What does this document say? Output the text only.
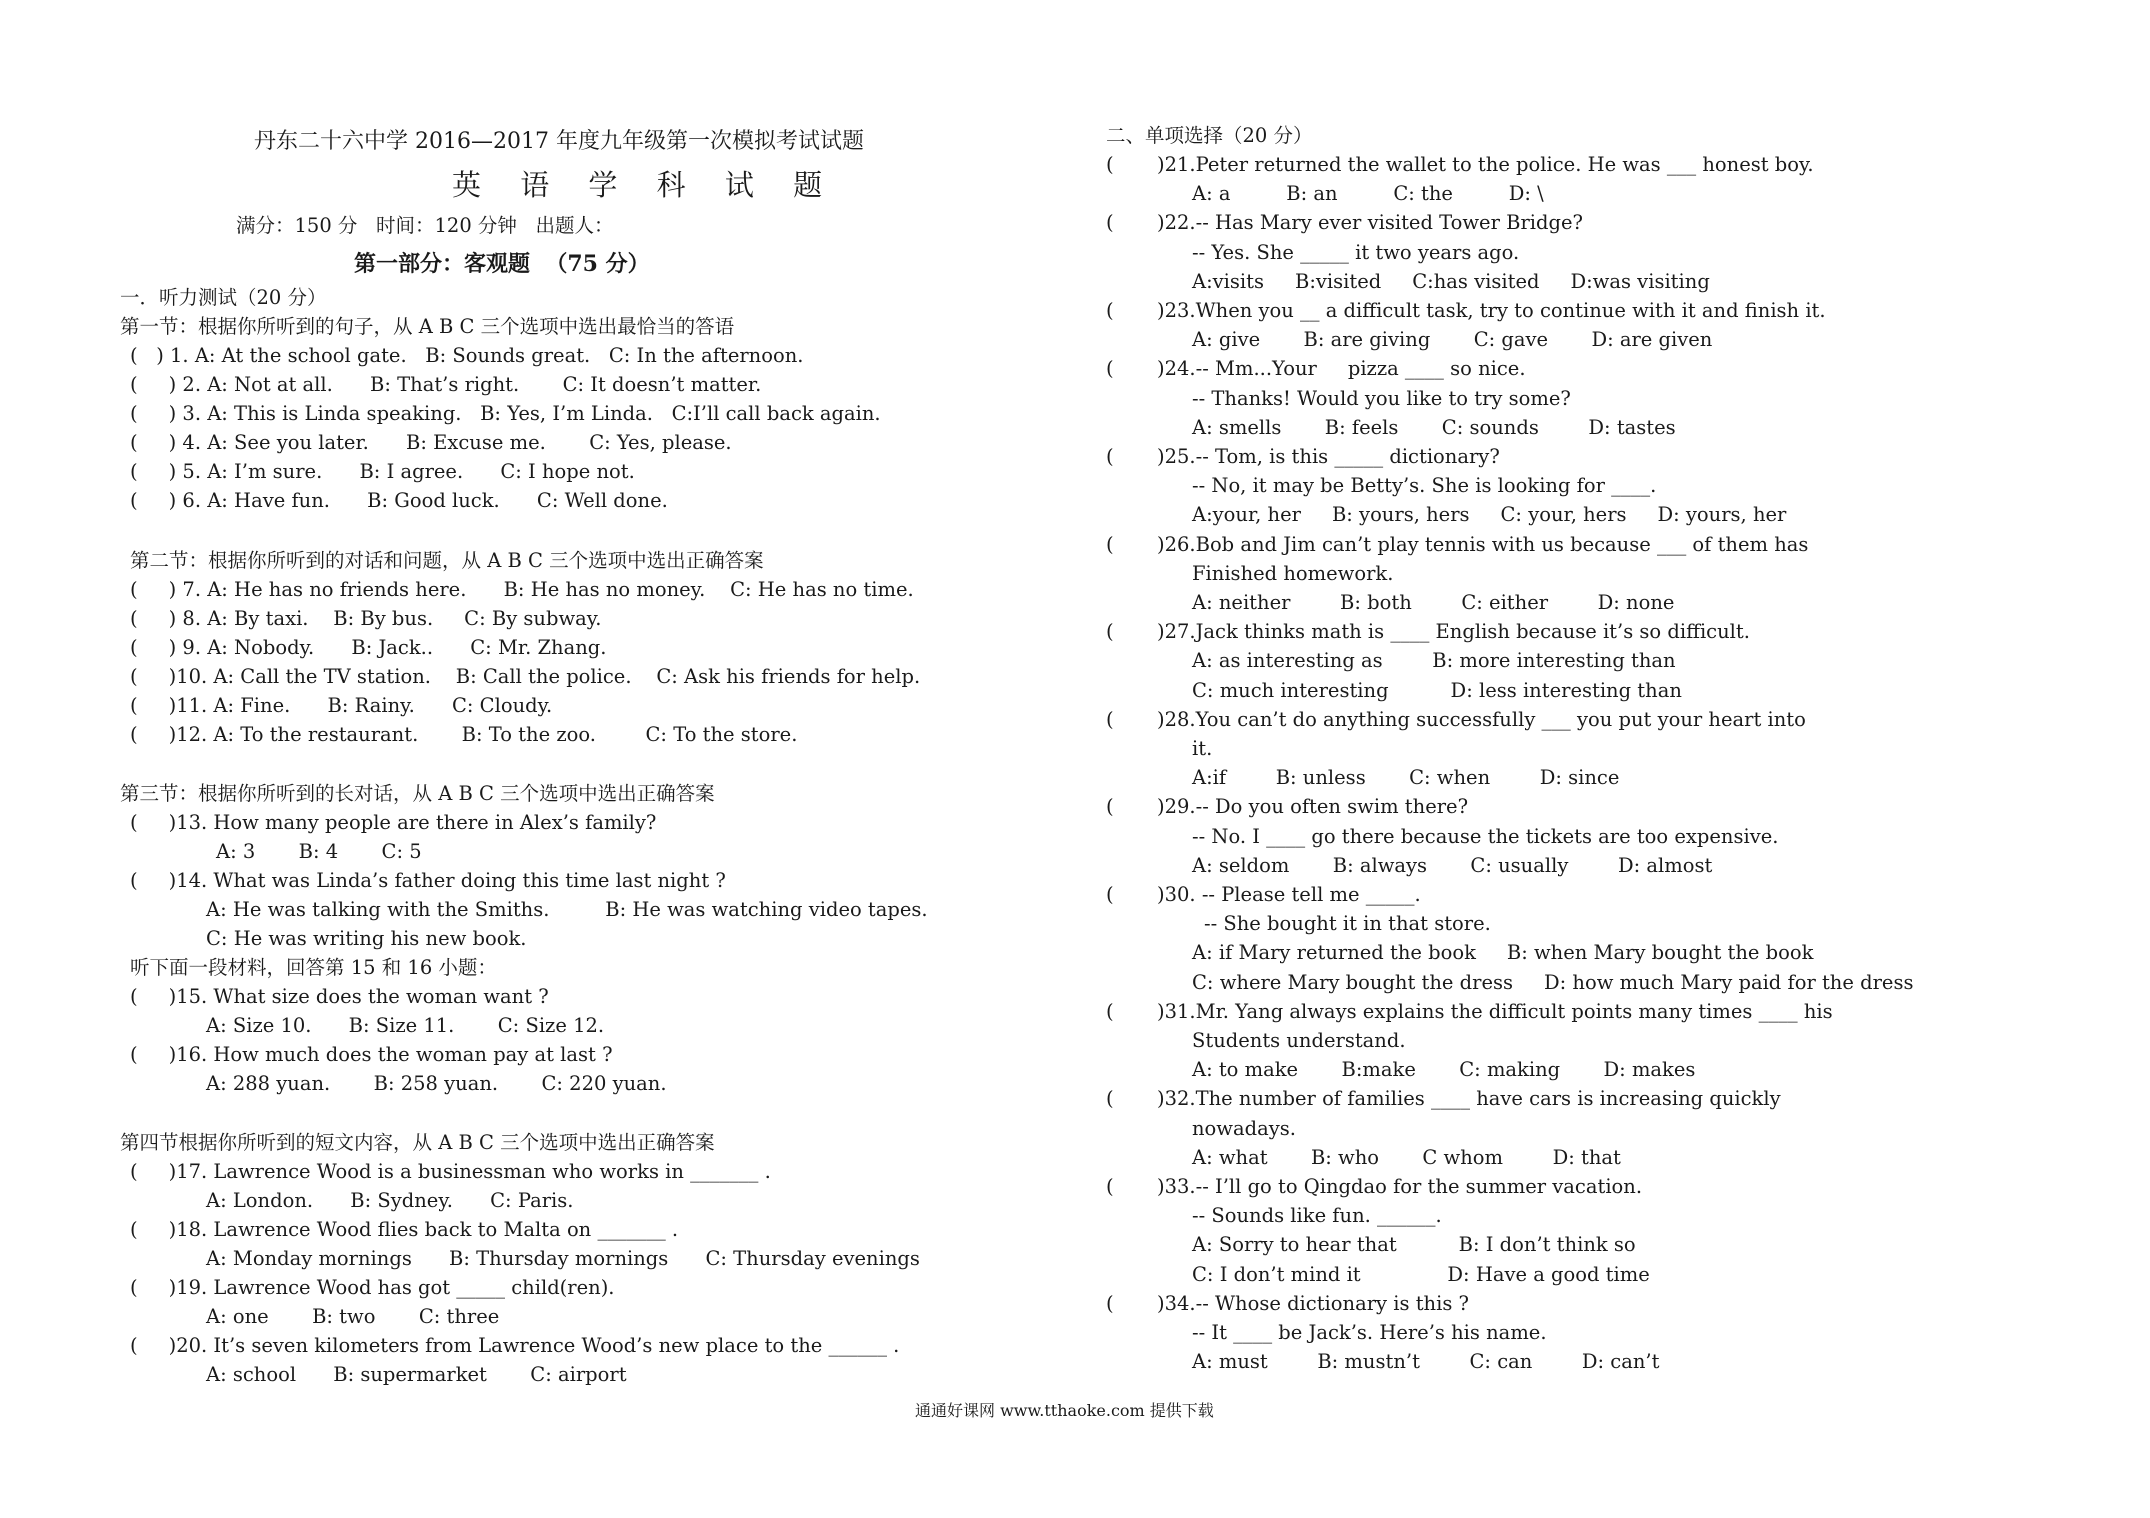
丹东二十六中学 2016—2017 年度九年级第一次模拟考试试题
英 语 学 科 试 题
满分：150 分   时间：120 分钟   出题人：
第一部分：客观题  （75 分）
一．听力测试（20 分）
第一节：根据你所听到的句子，从 A B C 三个选项中选出最恰当的答语
(   ) 1. A: At the school gate.   B: Sounds great.   C: In the afternoon.
(     ) 2. A: Not at all.      B: That’s right.       C: It doesn’t matter.
(     ) 3. A: This is Linda speaking.   B: Yes, I’m Linda.   C:I’ll call back again.
(     ) 4. A: See you later.      B: Excuse me.       C: Yes, please.
(     ) 5. A: I’m sure.      B: I agree.      C: I hope not.
(     ) 6. A: Have fun.      B: Good luck.      C: Well done.
第二节：根据你所听到的对话和问题，从 A B C 三个选项中选出正确答案
(     ) 7. A: He has no friends here.      B: He has no money.    C: He has no time.
(     ) 8. A: By taxi.    B: By bus.     C: By subway.
(     ) 9. A: Nobody.      B: Jack..      C: Mr. Zhang.
(     )10. A: Call the TV station.    B: Call the police.    C: Ask his friends for help.
(     )11. A: Fine.      B: Rainy.      C: Cloudy.
(     )12. A: To the restaurant.       B: To the zoo.        C: To the store.
第三节：根据你所听到的长对话，从 A B C 三个选项中选出正确答案
(     )13. How many people are there in Alex’s family?
A: 3       B: 4       C: 5
(     )14. What was Linda’s father doing this time last night ?
A: He was talking with the Smiths.         B: He was watching video tapes.
C: He was writing his new book.
听下面一段材料，回答第 15 和 16 小题：
(     )15. What size does the woman want ?
A: Size 10.      B: Size 11.       C: Size 12.
(     )16. How much does the woman pay at last ?
A: 288 yuan.       B: 258 yuan.       C: 220 yuan.
第四节根据你所听到的短文内容，从 A B C 三个选项中选出正确答案
(     )17. Lawrence Wood is a businessman who works in _______ .
A: London.      B: Sydney.      C: Paris.
(     )18. Lawrence Wood flies back to Malta on _______ .
A: Monday mornings      B: Thursday mornings      C: Thursday evenings
(     )19. Lawrence Wood has got _____ child(ren).
A: one       B: two       C: three
(     )20. It’s seven kilometers from Lawrence Wood’s new place to the ______ .
A: school      B: supermarket       C: airport
二、单项选择（20 分）
(       )21.Peter returned the wallet to the police. He was ___ honest boy.
A: a         B: an         C: the         D: \
(       )22.-- Has Mary ever visited Tower Bridge?
-- Yes. She _____ it two years ago.
A:visits     B:visited     C:has visited     D:was visiting
(       )23.When you __ a difficult task, try to continue with it and finish it.
A: give       B: are giving       C: gave       D: are given
(       )24.-- Mm...Your     pizza ____ so nice.
-- Thanks! Would you like to try some?
A: smells       B: feels       C: sounds        D: tastes
(       )25.-- Tom, is this _____ dictionary?
-- No, it may be Betty’s. She is looking for ____.
A:your, her     B: yours, hers     C: your, hers     D: yours, her
(       )26.Bob and Jim can’t play tennis with us because ___ of them has
Finished homework.
A: neither        B: both        C: either        D: none
(       )27.Jack thinks math is ____ English because it’s so difficult.
A: as interesting as        B: more interesting than
C: much interesting          D: less interesting than
(       )28.You can’t do anything successfully ___ you put your heart into
it.
A:if        B: unless       C: when        D: since
(       )29.-- Do you often swim there?
-- No. I ____ go there because the tickets are too expensive.
A: seldom       B: always       C: usually        D: almost
(       )30. -- Please tell me _____.
-- She bought it in that store.
A: if Mary returned the book     B: when Mary bought the book
C: where Mary bought the dress     D: how much Mary paid for the dress
(       )31.Mr. Yang always explains the difficult points many times ____ his
Students understand.
A: to make       B:make       C: making       D: makes
(       )32.The number of families ____ have cars is increasing quickly
nowadays.
A: what       B: who       C whom        D: that
(       )33.-- I’ll go to Qingdao for the summer vacation.
-- Sounds like fun. ______.
A: Sorry to hear that          B: I don’t think so
C: I don’t mind it              D: Have a good time
(       )34.-- Whose dictionary is this ?
-- It ____ be Jack’s. Here’s his name.
A: must        B: mustn’t        C: can        D: can’t
通通好课网 www.tthaoke.com 提供下载
